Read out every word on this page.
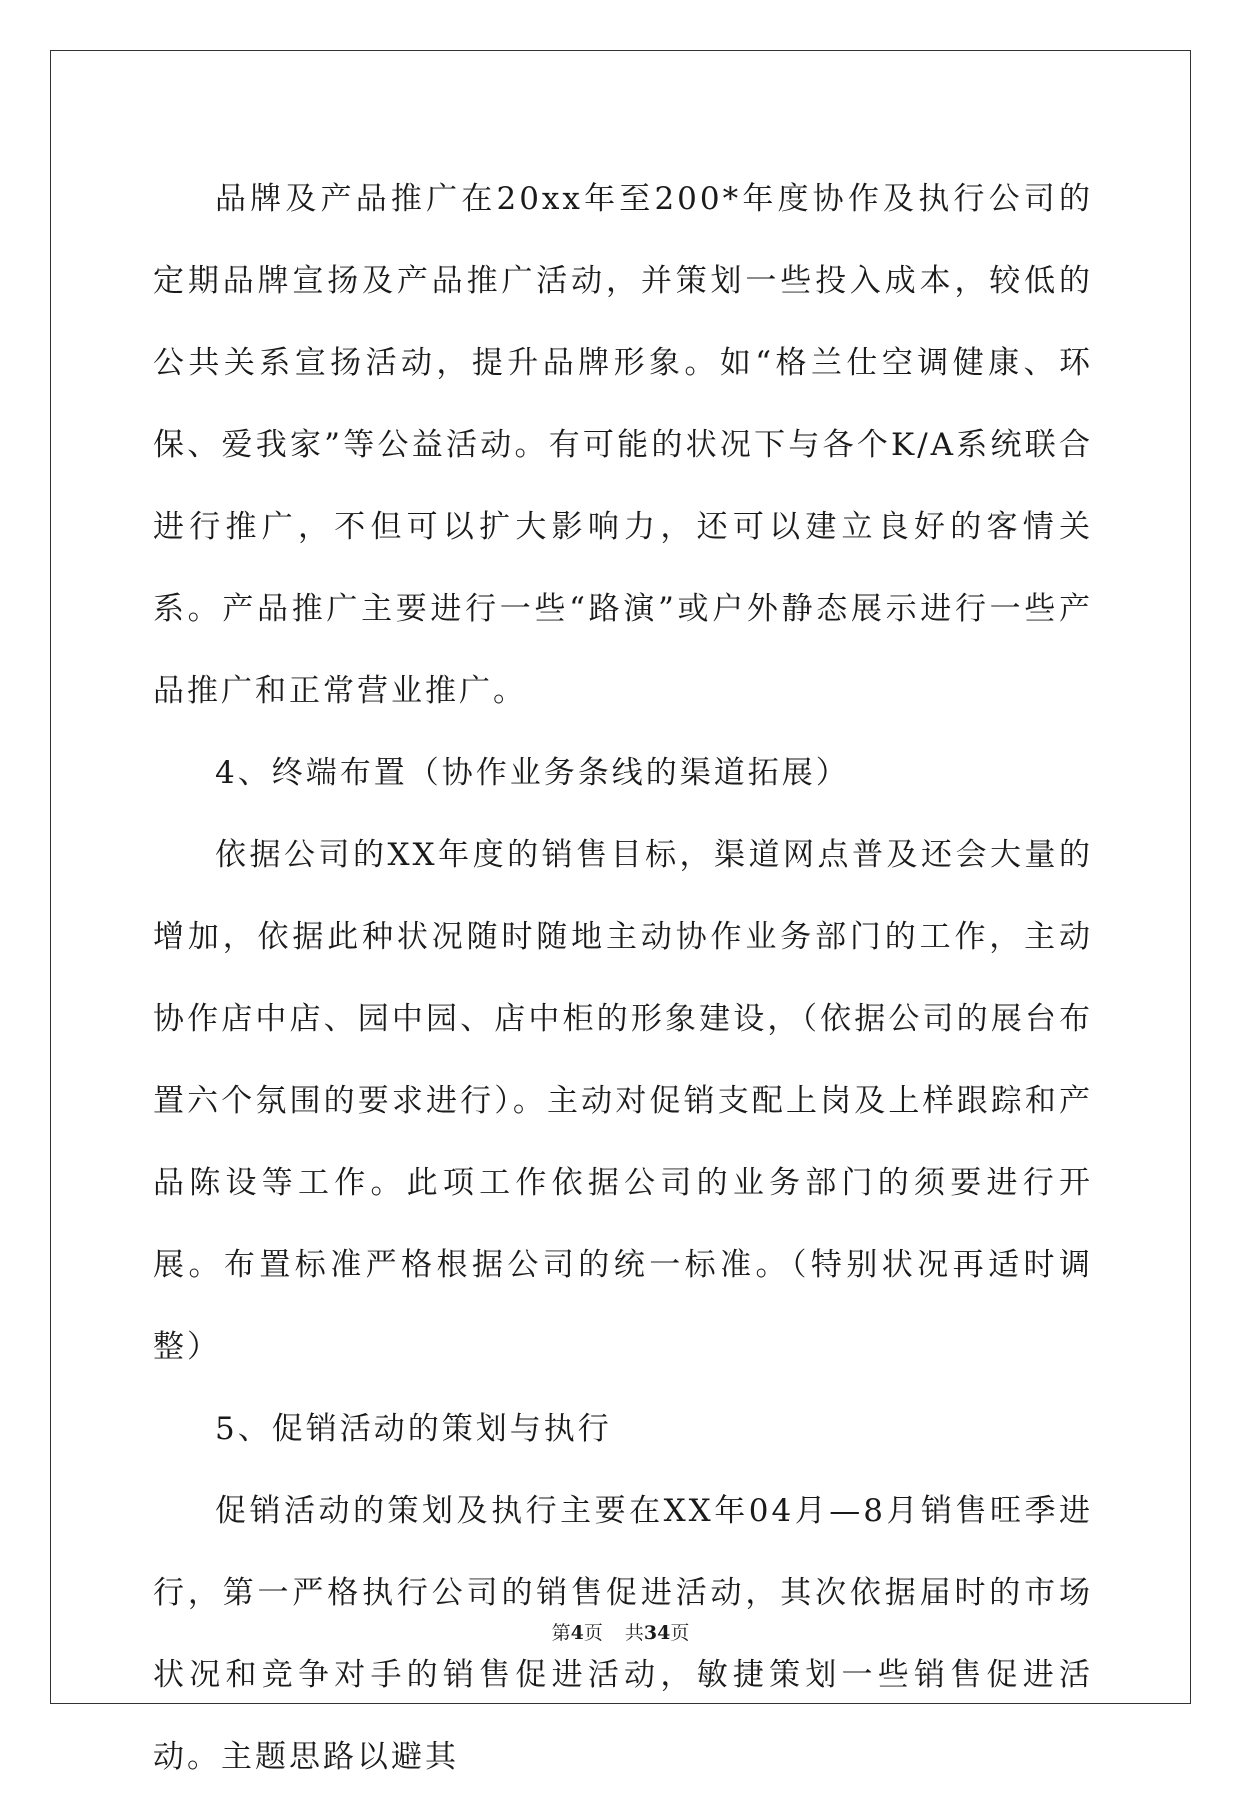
品牌及产品推广在20xx年至200*年度协作及执行公司的定期品牌宣扬及产品推广活动，并策划一些投入成本，较低的公共关系宣扬活动，提升品牌形象。如“格兰仕空调健康、环保、爱我家”等公益活动。有可能的状况下与各个K/A系统联合进行推广，不但可以扩大影响力，还可以建立良好的客情关系。产品推广主要进行一些“路演”或户外静态展示进行一些产品推广和正常营业推广。

4、终端布置（协作业务条线的渠道拓展）

依据公司的XX年度的销售目标，渠道网点普及还会大量的增加，依据此种状况随时随地主动协作业务部门的工作，主动协作店中店、园中园、店中柜的形象建设，（依据公司的展台布置六个氛围的要求进行）。主动对促销支配上岗及上样跟踪和产品陈设等工作。此项工作依据公司的业务部门的须要进行开展。布置标准严格根据公司的统一标准。（特别状况再适时调整）

5、促销活动的策划与执行

促销活动的策划及执行主要在XX年04月—8月销售旺季进行，第一严格执行公司的销售促进活动，其次依据届时的市场状况和竞争对手的销售促进活动，敏捷策划一些销售促进活动。主题思路以避其

第4页 共34页
